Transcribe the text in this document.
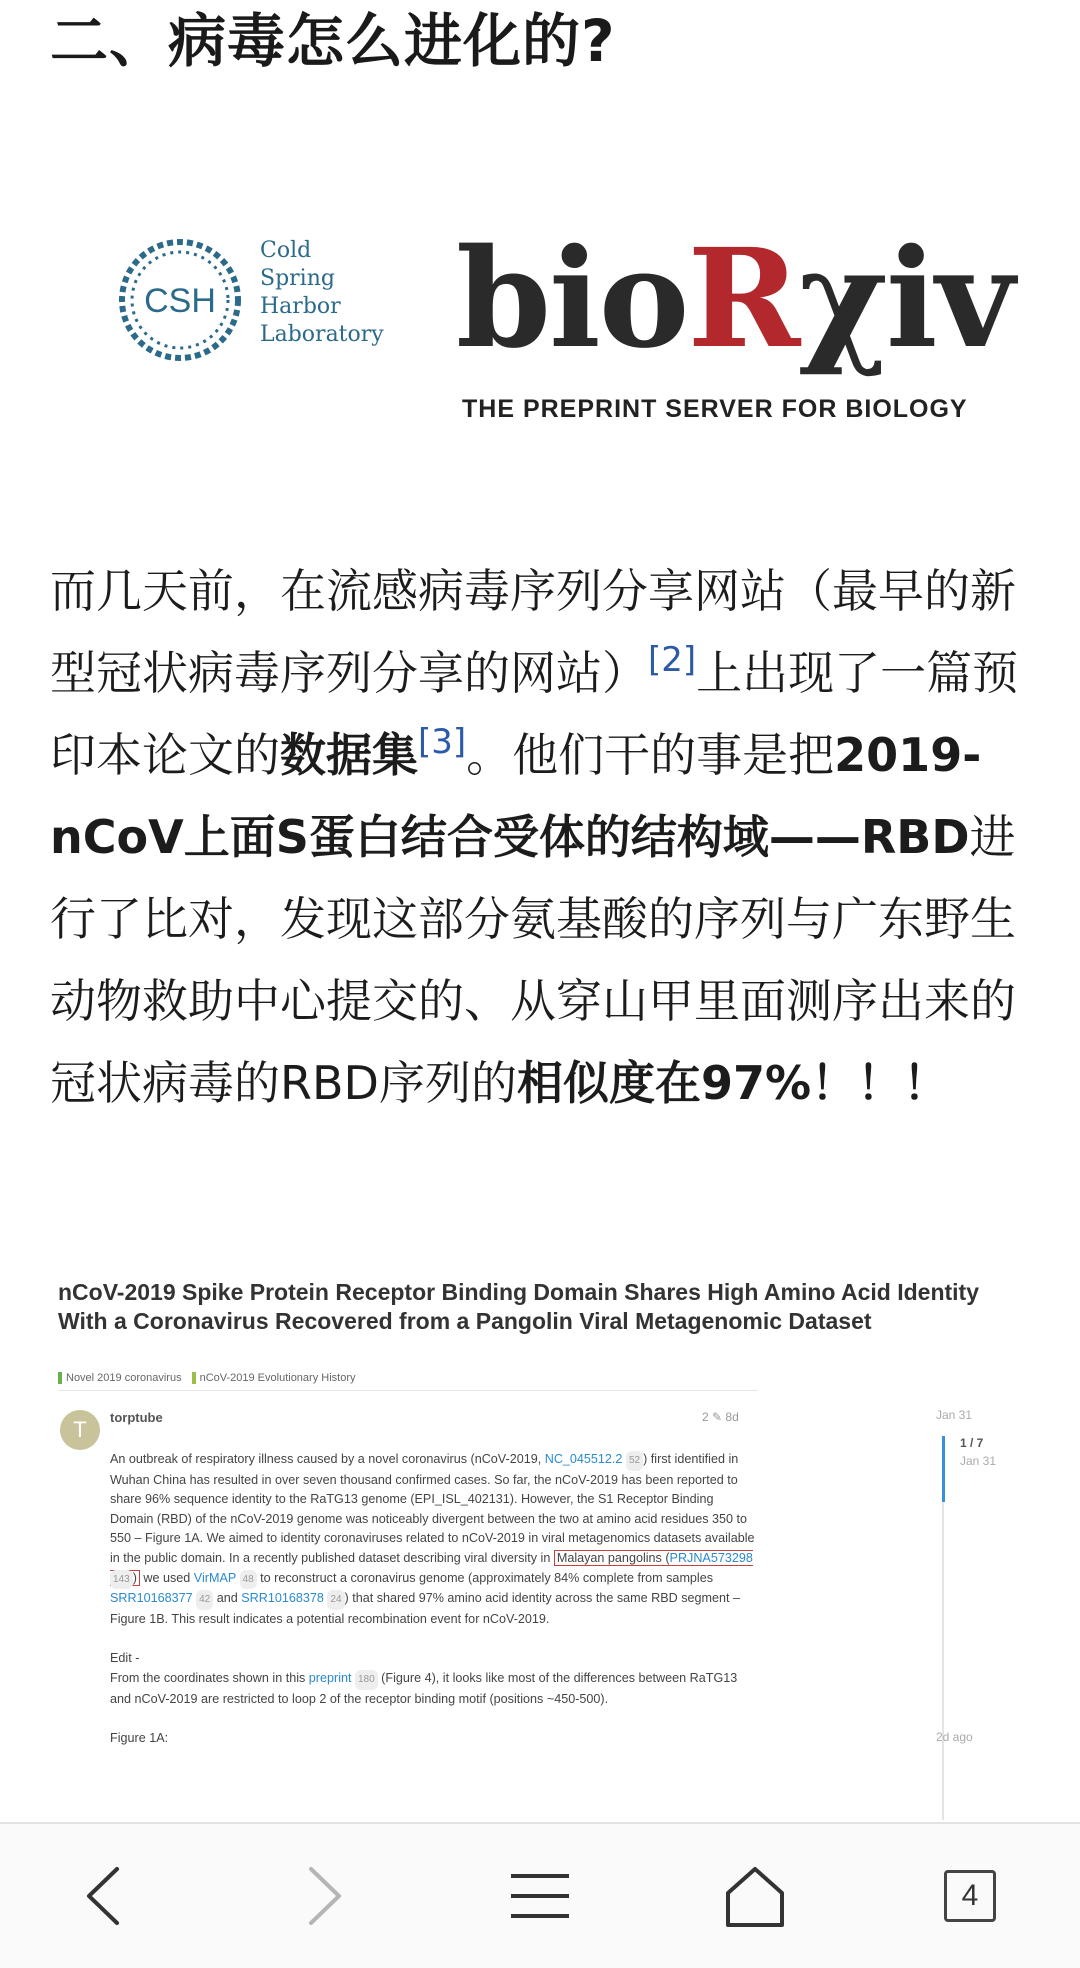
二、病毒怎么进化的?
CSH
Cold
Spring
Harbor
Laboratory bioRχiv
THE PREPRINT SERVER FOR BIOLOGY

而几天前，在流感病毒序列分享网站（最早的新型冠状病毒序列分享的网站）[2]上出现了一篇预印本论文的数据集[3]。他们干的事是把2019-nCoV上面S蛋白结合受体的结构域——RBD进行了比对，发现这部分氨基酸的序列与广东野生动物救助中心提交的、从穿山甲里面测序出来的冠状病毒的RBD序列的相似度在97%！！！

nCoV-2019 Spike Protein Receptor Binding Domain Shares High Amino Acid Identity With a Coronavirus Recovered from a Pangolin Viral Metagenomic Dataset

Novel 2019 coronavirus nCoV-2019 Evolutionary History
T	torptube	2 ✎ 8d

An outbreak of respiratory illness caused by a novel coronavirus (nCoV-2019, NC_045512.2 52 ) first identified in Wuhan China has resulted in over seven thousand confirmed cases. So far, the nCoV-2019 has been reported to share 96% sequence identity to the RaTG13 genome (EPI_ISL_402131). However, the S1 Receptor Binding Domain (RBD) of the nCoV-2019 genome was noticeably divergent between the two at amino acid residues 350 to 550 – Figure 1A. We aimed to identity coronaviruses related to nCoV-2019 in viral metagenomics datasets available in the public domain. In a recently published dataset describing viral diversity in Malayan pangolins (PRJNA573298 143 ) we used VirMAP 48 to reconstruct a coronavirus genome (approximately 84% complete from samples SRR10168377 42 and SRR10168378 24 ) that shared 97% amino acid identity across the same RBD segment – Figure 1B. This result indicates a potential recombination event for nCoV-2019.

Edit -

From the coordinates shown in this preprint 180 (Figure 4), it looks like most of the differences between RaTG13 and nCoV-2019 are restricted to loop 2 of the receptor binding motif (positions ~450-500).

Figure 1A:

Jan 31
1 / 7
Jan 31
2d ago
4
